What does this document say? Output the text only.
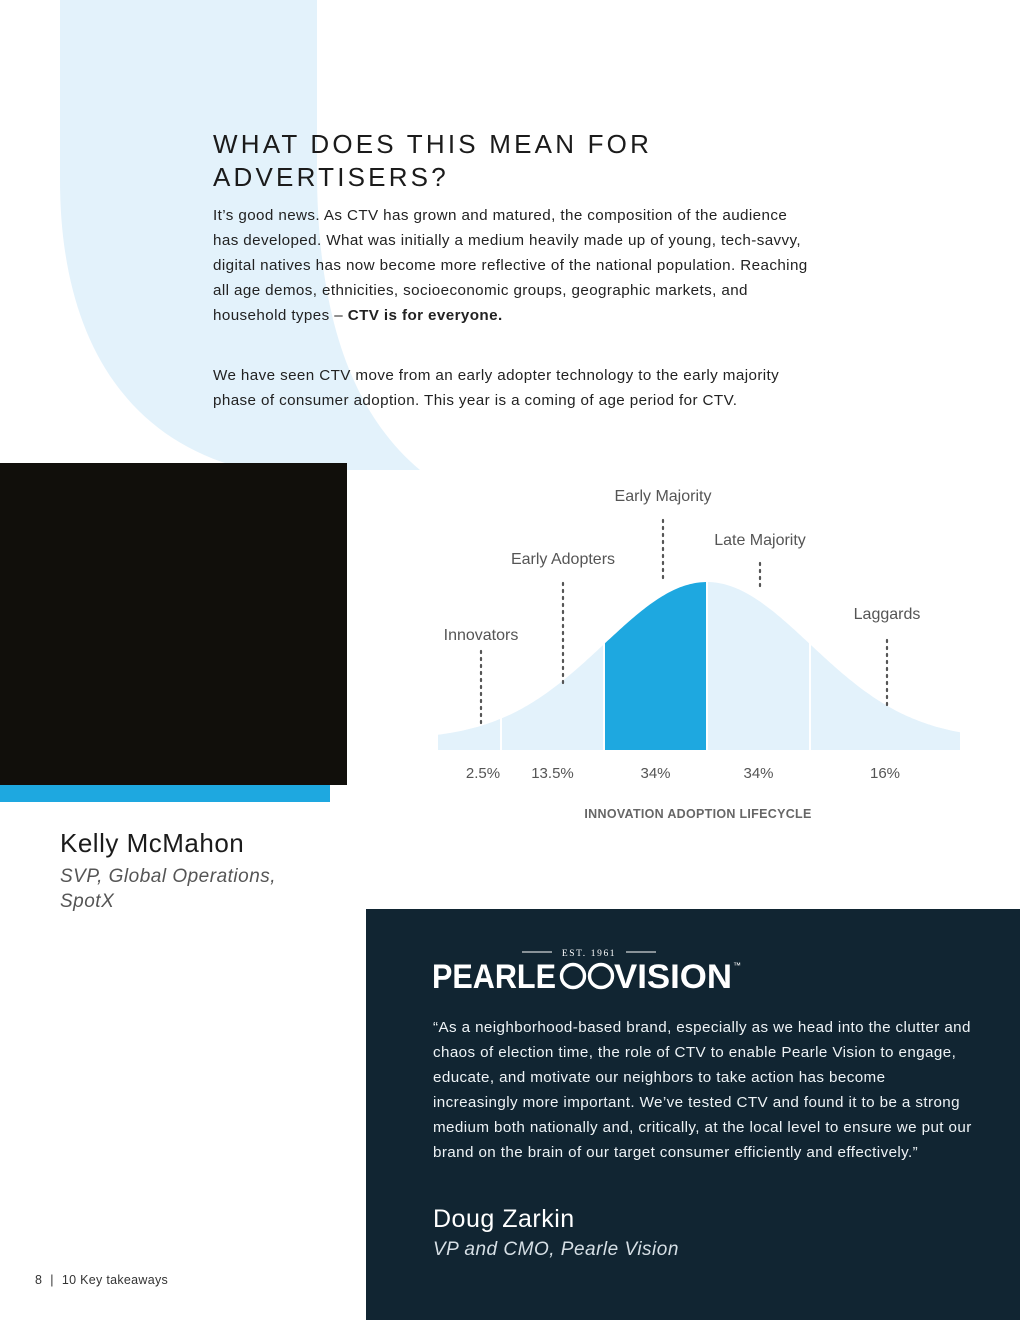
WHAT DOES THIS MEAN FOR ADVERTISERS?

It’s good news. As CTV has grown and matured, the composition of the audience has developed. What was initially a medium heavily made up of young, tech-savvy, digital natives has now become more reflective of the national population. Reaching all age demos, ethnicities, socioeconomic groups, geographic markets, and household types – CTV is for everyone.

We have seen CTV move from an early adopter technology to the early majority phase of consumer adoption. This year is a coming of age period for CTV.

Kelly McMahon
SVP, Global Operations, SpotX
Innovators
Early Adopters
Early Majority
Late Majority
Laggards
2.5% 13.5%	34%	34%	16%
INNOVATION ADOPTION LIFECYCLE
EST. 1961
PEARLE VISION ™

“As a neighborhood-based brand, especially as we head into the clutter and chaos of election time, the role of CTV to enable Pearle Vision to engage, educate, and motivate our neighbors to take action has become increasingly more important. We’ve tested CTV and found it to be a strong medium both nationally and, critically, at the local level to ensure we put our brand on the brain of our target consumer efficiently and effectively.”

Doug Zarkin
VP and CMO, Pearle Vision
8 | 10 Key takeaways
